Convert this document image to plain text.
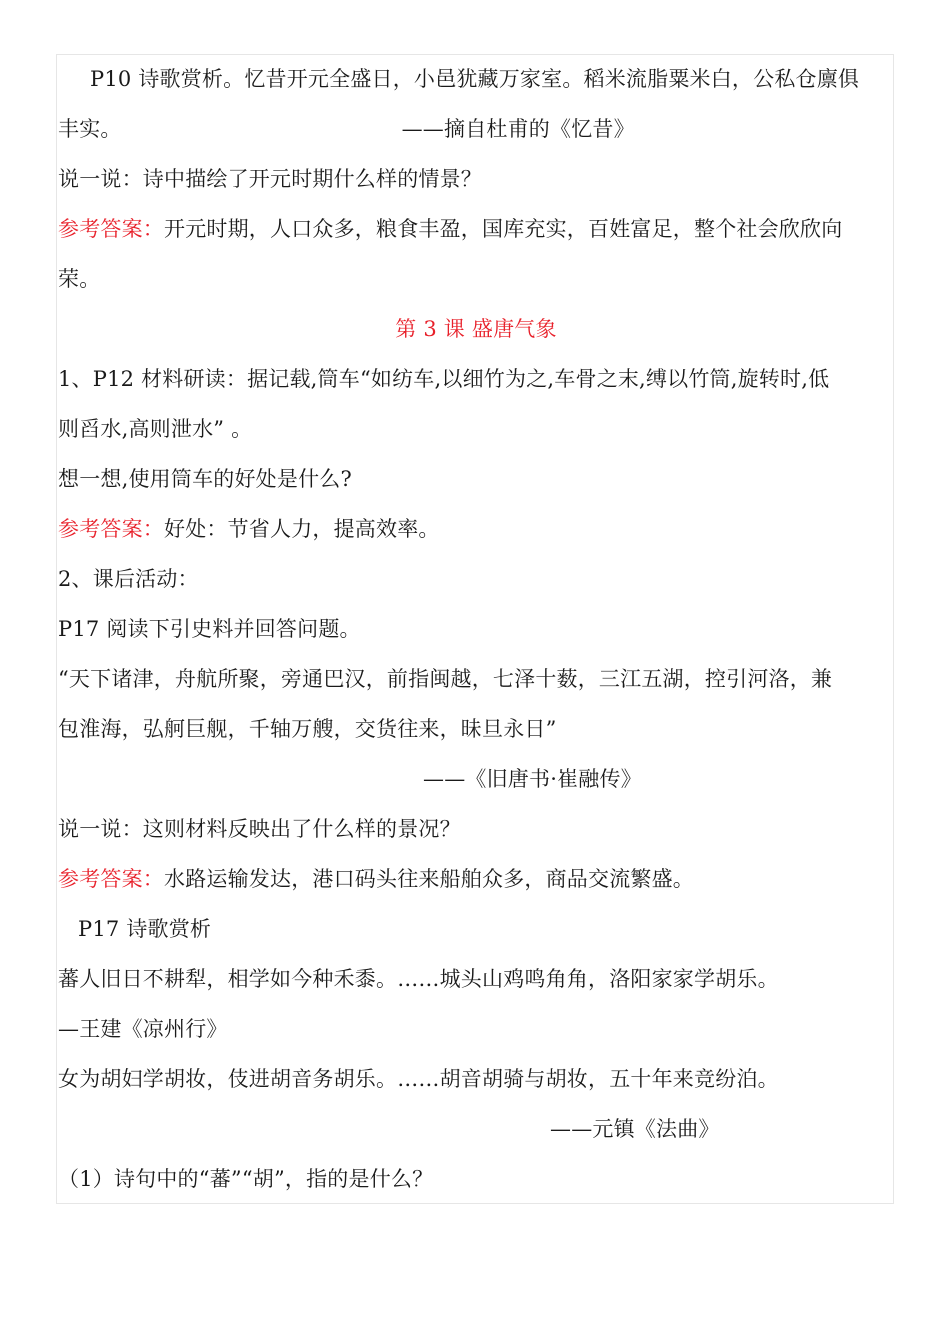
P10 诗歌赏析。忆昔开元全盛日，小邑犹藏万家室。稻米流脂粟米白，公私仓廪俱
丰实。	——摘自杜甫的《忆昔》
说一说：诗中描绘了开元时期什么样的情景？
参考答案：开元时期，人口众多，粮食丰盈，国库充实，百姓富足，整个社会欣欣向
荣。
第 3 课 盛唐气象
1、P12 材料研读：据记载,筒车“如纺车,以细竹为之,车骨之末,缚以竹筒,旋转时,低
则舀水,高则泄水” 。
想一想,使用筒车的好处是什么?
参考答案：好处：节省人力，提高效率。
2、课后活动：
P17 阅读下引史料并回答问题。
“天下诸津，舟航所聚，旁通巴汉，前指闽越，七泽十薮，三江五湖，控引河洛，兼
包淮海，弘舸巨舰，千轴万艘，交货往来，昧旦永日”
——《旧唐书·崔融传》
说一说：这则材料反映出了什么样的景况？
参考答案：水路运输发达，港口码头往来船舶众多，商品交流繁盛。
P17 诗歌赏析
蕃人旧日不耕犁，相学如今种禾黍。……城头山鸡鸣角角，洛阳家家学胡乐。
—王建《凉州行》
女为胡妇学胡妆，伎进胡音务胡乐。……胡音胡骑与胡妆，五十年来竞纷泊。
——元镇《法曲》
（1）诗句中的“蕃”“胡”，指的是什么？
